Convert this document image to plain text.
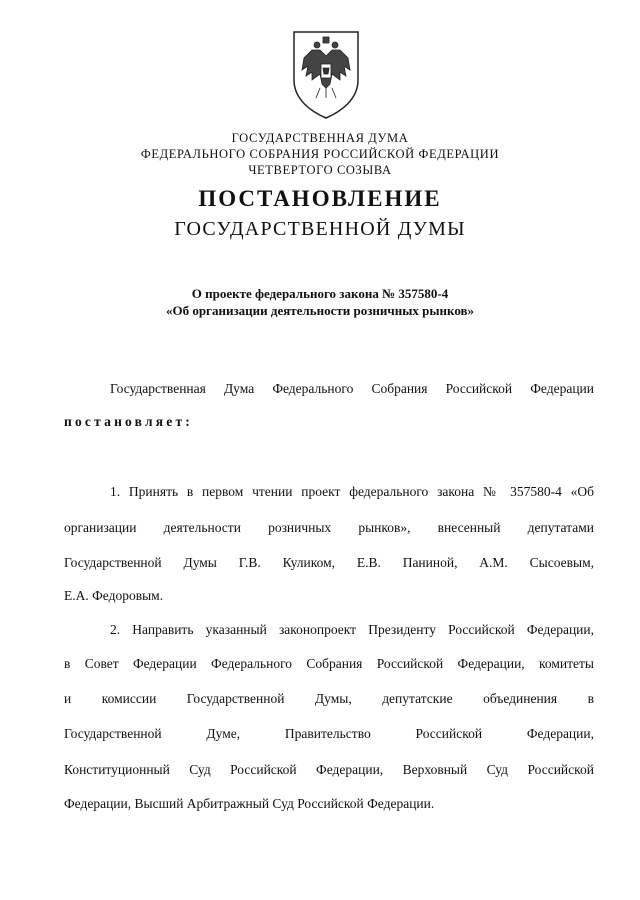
ГОСУДАРСТВЕННАЯ ДУМА
ФЕДЕРАЛЬНОГО СОБРАНИЯ РОССИЙСКОЙ ФЕДЕРАЦИИ
ЧЕТВЕРТОГО СОЗЫВА
ПОСТАНОВЛЕНИЕ
ГОСУДАРСТВЕННОЙ ДУМЫ
О проекте федерального закона № 357580-4
«Об организации деятельности розничных рынков»
Государственная Дума Федерального Собрания Российской Федерации
постановляет:
1. Принять в первом чтении проект федерального закона № 357580-4 «Об
организации деятельности розничных рынков», внесенный депутатами
Государственной Думы Г.В. Куликом, Е.В. Паниной, А.М. Сысоевым,
Е.А. Федоровым.
2. Направить указанный законопроект Президенту Российской Федерации,
в Совет Федерации Федерального Собрания Российской Федерации, комитеты
и комиссии Государственной Думы, депутатские объединения в
Государственной Думе, Правительство Российской Федерации,
Конституционный Суд Российской Федерации, Верховный Суд Российской
Федерации, Высший Арбитражный Суд Российской Федерации.
